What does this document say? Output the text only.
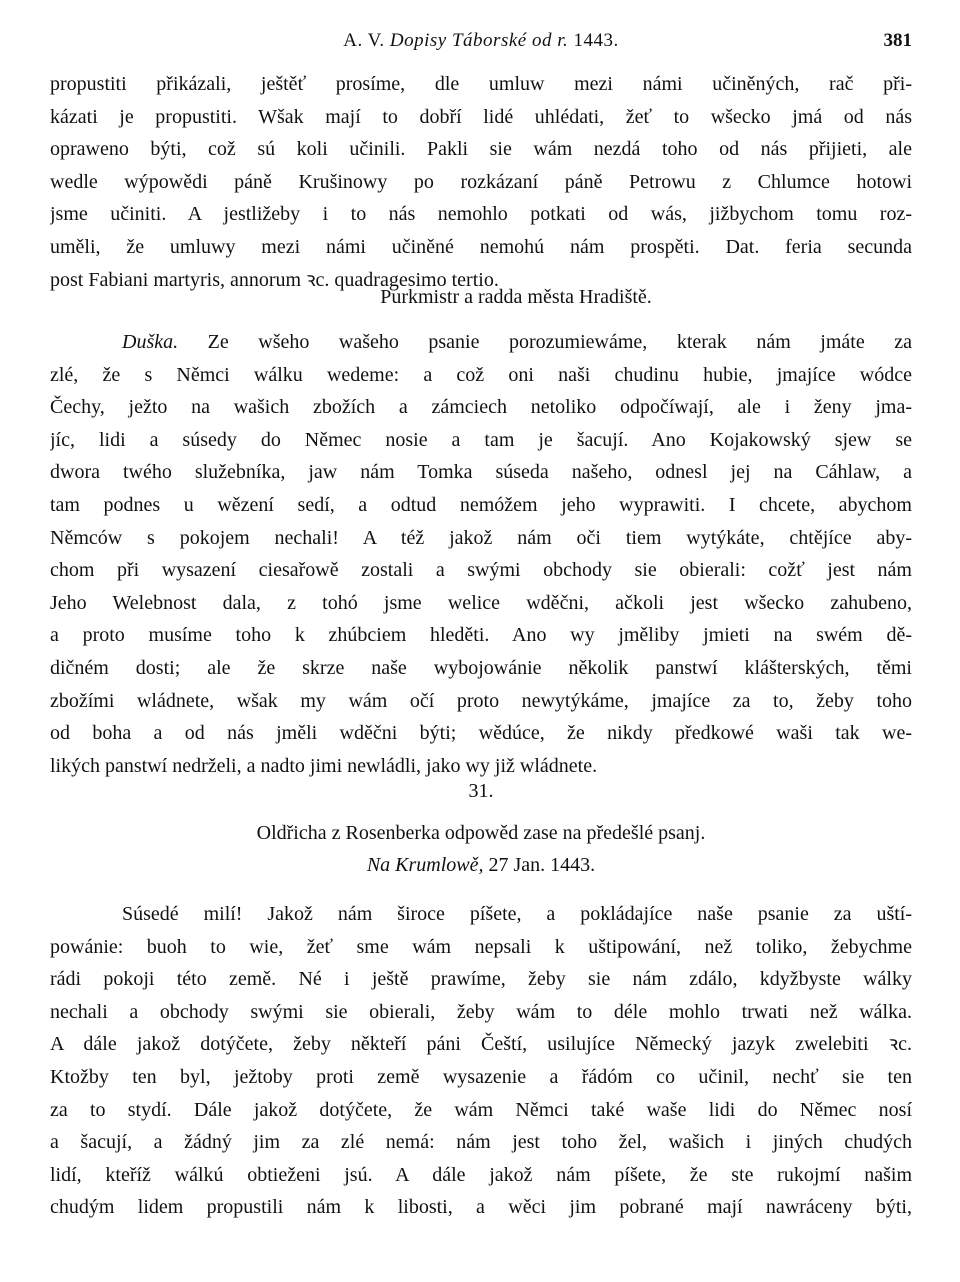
A. V. Dopisy Táborské od r. 1443.	381
propustiti přikázali, ještěť prosíme, dle umluw mezi námi učiněných, rač při-
kázati je propustiti. Wšak mají to dobří lidé uhlédati, žeť to wšecko jmá od nás
opraweno býti, což sú koli učinili. Pakli sie wám nezdá toho od nás přijieti, ale
wedle wýpowědi páně Krušinowy po rozkázaní páně Petrowu z Chlumce hotowi
jsme učiniti. A jestližeby i to nás nemohlo potkati od wás, jižbychom tomu roz-
uměli, že umluwy mezi námi učiněné nemohú nám prospěti. Dat. feria secunda
post Fabiani martyris, annorum ꝛc. quadragesimo tertio.
Purkmistr a radda města Hradiště.
Duška. Ze wšeho wašeho psanie porozumiewáme, kterak nám jmáte za
zlé, že s Němci wálku wedeme: a což oni naši chudinu hubie, jmajíce wódce
Čechy, ježto na wašich zbožích a zámciech netoliko odpočíwají, ale i ženy jma-
jíc, lidi a súsedy do Němec nosie a tam je šacují. Ano Kojakowský sjew se
dwora twého služebníka, jaw nám Tomka súseda našeho, odnesl jej na Cáhlaw, a
tam podnes u wězení sedí, a odtud nemóžem jeho wyprawiti. I chcete, abychom
Němców s pokojem nechali! A též jakož nám oči tiem wytýkáte, chtějíce aby-
chom při wysazení ciesařowě zostali a swými obchody sie obierali: cožť jest nám
Jeho Welebnost dala, z tohó jsme welice wděčni, ačkoli jest wšecko zahubeno,
a proto musíme toho k zhúbciem hleděti. Ano wy jměliby jmieti na swém dě-
dičném dosti; ale že skrze naše wybojowánie několik panstwí klášterských, těmi
zbožími wládnete, wšak my wám očí proto newytýkáme, jmajíce za to, žeby toho
od boha a od nás jměli wděčni býti; wědúce, že nikdy předkowé waši tak we-
likých panstwí nedrželi, a nadto jimi newládli, jako wy již wládnete.
31.
Oldřicha z Rosenberka odpowěd zase na předešlé psanj.
Na Krumlowě, 27 Jan. 1443.
Súsedé milí! Jakož nám široce píšete, a pokládajíce naše psanie za uští-
powánie: buoh to wie, žeť sme wám nepsali k uštipowání, než toliko, žebychme
rádi pokoji této země. Né i ještě prawíme, žeby sie nám zdálo, kdyžbyste wálky
nechali a obchody swými sie obierali, žeby wám to déle mohlo trwati než wálka.
A dále jakož dotýčete, žeby někteří páni Čeští, usilujíce Německý jazyk zwelebiti ꝛc.
Ktožby ten byl, ježtoby proti země wysazenie a řádóm co učinil, nechť sie ten
za to stydí. Dále jakož dotýčete, že wám Němci také waše lidi do Němec nosí
a šacují, a žádný jim za zlé nemá: nám jest toho žel, wašich i jiných chudých
lidí, kteříž wálkú obtieženi jsú. A dále jakož nám píšete, že ste rukojmí našim
chudým lidem propustili nám k libosti, a wěci jim pobrané mají nawráceny býti,
